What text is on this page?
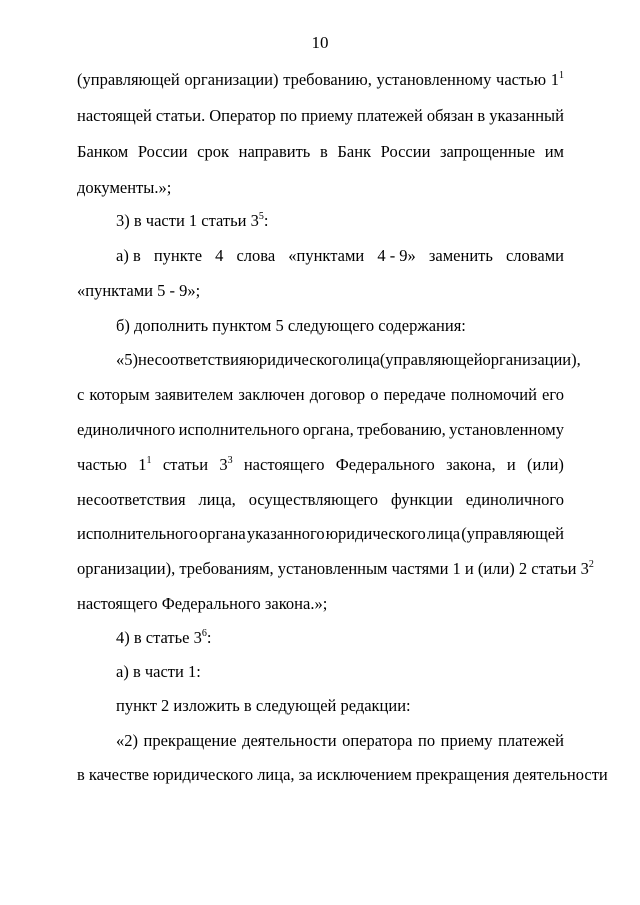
10
(управляющей организации) требованию, установленному частью $1^1$
настоящей статьи. Оператор по приему платежей обязан в указанный
Банком России срок направить в Банк России запрощенные им
документы.»;
3) в части 1 статьи $3^5$:
а) в пункте 4 слова «пунктами 4 - 9» заменить словами
«пунктами 5 - 9»;
б) дополнить пунктом 5 следующего содержания:
«5) несоответствия юридического лица (управляющей организации),
с которым заявителем заключен договор о передаче полномочий его
единоличного исполнительного органа, требованию, установленному
частью $1^1$ статьи $3^3$ настоящего Федерального закона, и (или)
несоответствия лица, осуществляющего функции единоличного
исполнительного органа указанного юридического лица (управляющей
организации), требованиям, установленным частями 1 и (или) 2 статьи $3^2$
настоящего Федерального закона.»;
4) в статье $3^6$:
а) в части 1:
пункт 2 изложить в следующей редакции:
«2) прекращение деятельности оператора по приему платежей
в качестве юридического лица, за исключением прекращения деятельности
